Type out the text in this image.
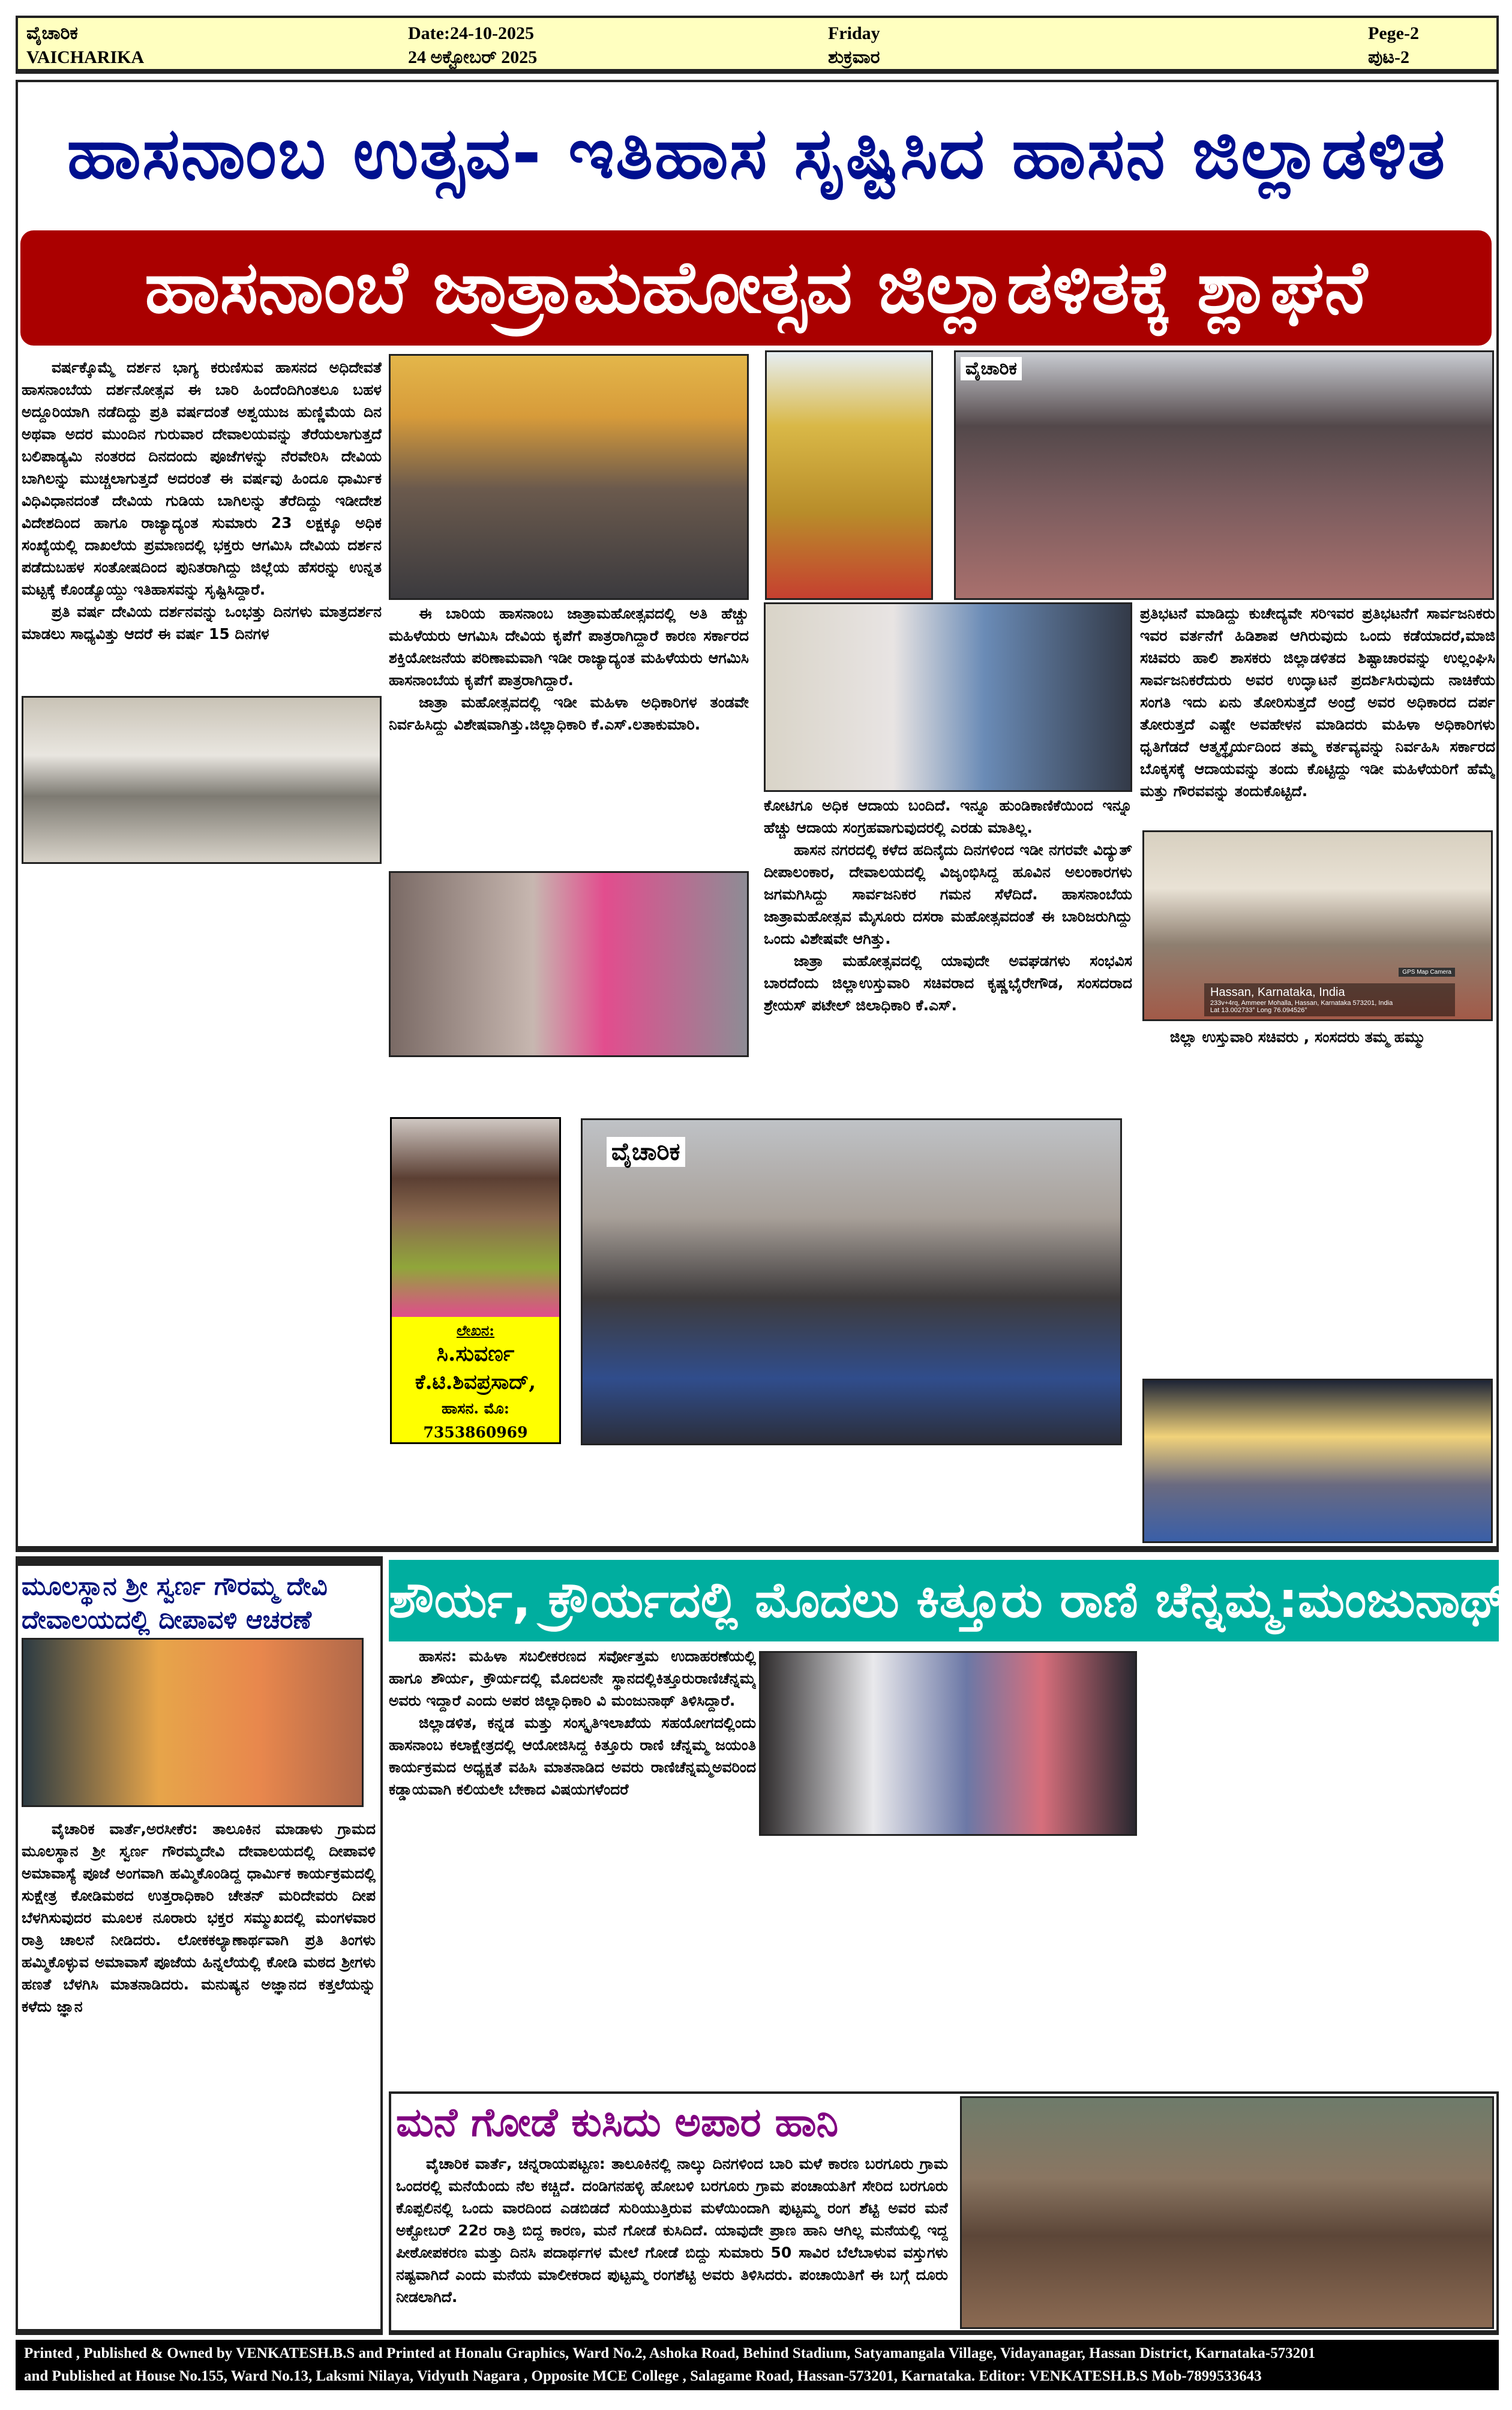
ವೈಚಾರಿಕ
VAICHARIKA
Date:24-10-2025
24 ಅಕ್ಟೋಬರ್ 2025
Friday
ಶುಕ್ರವಾರ
Pege-2
ಪುಟ-2
ಹಾಸನಾಂಬ ಉತ್ಸವ- ಇತಿಹಾಸ ಸೃಷ್ಟಿಸಿದ ಹಾಸನ ಜಿಲ್ಲಾಡಳಿತ
ಹಾಸನಾಂಬೆ ಜಾತ್ರಾಮಹೋತ್ಸವ ಜಿಲ್ಲಾಡಳಿತಕ್ಕೆ ಶ್ಲಾಘನೆ

ವರ್ಷಕ್ಕೊಮ್ಮೆ ದರ್ಶನ ಭಾಗ್ಯ ಕರುಣಿಸುವ ಹಾಸನದ ಅಧಿದೇವತೆ ಹಾಸನಾಂಬೆಯ ದರ್ಶನೋತ್ಸವ ಈ ಬಾರಿ ಹಿಂದೆಂದಿಗಿಂತಲೂ ಬಹಳ ಅದ್ದೂರಿಯಾಗಿ ನಡೆದಿದ್ದು ಪ್ರತಿ ವರ್ಷದಂತೆ ಅಶ್ವಯುಜ ಹುಣ್ಣಿಮೆಯ ದಿನ ಅಥವಾ ಅದರ ಮುಂದಿನ ಗುರುವಾರ ದೇವಾಲಯವನ್ನು ತೆರೆಯಲಾಗುತ್ತದೆ ಬಲಿಪಾಡ್ಯಮಿ ನಂತರದ ದಿನದಂದು ಪೂಜೆಗಳನ್ನು ನೆರವೇರಿಸಿ ದೇವಿಯ ಬಾಗಿಲನ್ನು ಮುಚ್ಚಲಾಗುತ್ತದೆ ಅದರಂತೆ ಈ ವರ್ಷವು ಹಿಂದೂ ಧಾರ್ಮಿಕ ವಿಧಿವಿಧಾನದಂತೆ ದೇವಿಯ ಗುಡಿಯ ಬಾಗಿಲನ್ನು ತೆರೆದಿದ್ದು ಇಡೀದೇಶ ವಿದೇಶದಿಂದ ಹಾಗೂ ರಾಜ್ಯಾದ್ಯಂತ ಸುಮಾರು 23 ಲಕ್ಷಕ್ಕೂ ಅಧಿಕ ಸಂಖ್ಯೆಯಲ್ಲಿ ದಾಖಲೆಯ ಪ್ರಮಾಣದಲ್ಲಿ ಭಕ್ತರು ಆಗಮಿಸಿ ದೇವಿಯ ದರ್ಶನ ಪಡೆದುಬಹಳ ಸಂತೋಷದಿಂದ ಪುನಿತರಾಗಿದ್ದು ಜಿಲ್ಲೆಯ ಹೆಸರನ್ನು ಉನ್ನತ ಮಟ್ಟಕ್ಕೆ ಕೊಂಡ್ಯೊಯ್ದು ಇತಿಹಾಸವನ್ನು ಸೃಷ್ಟಿಸಿದ್ದಾರೆ.

ಪ್ರತಿ ವರ್ಷ ದೇವಿಯ ದರ್ಶನವನ್ನು ಒಂಭತ್ತು ದಿನಗಳು ಮಾತ್ರದರ್ಶನ ಮಾಡಲು ಸಾಧ್ಯವಿತ್ತು ಆದರೆ ಈ ವರ್ಷ 15 ದಿನಗಳ

ವೈಚಾರಿಕ

ಈ ಬಾರಿಯ ಹಾಸನಾಂಬ ಜಾತ್ರಾಮಹೋತ್ಸವದಲ್ಲಿ ಅತಿ ಹೆಚ್ಚು ಮಹಿಳೆಯರು ಆಗಮಿಸಿ ದೇವಿಯ ಕೃಪೆಗೆ ಪಾತ್ರರಾಗಿದ್ದಾರೆ ಕಾರಣ ಸರ್ಕಾರದ ಶಕ್ತಿಯೋಜನೆಯ ಪರಿಣಾಮವಾಗಿ ಇಡೀ ರಾಜ್ಯಾದ್ಯಂತ ಮಹಿಳೆಯರು ಆಗಮಿಸಿ ಹಾಸನಾಂಬೆಯ ಕೃಪೆಗೆ ಪಾತ್ರರಾಗಿದ್ದಾರೆ.

ಜಾತ್ರಾ ಮಹೋತ್ಸವದಲ್ಲಿ ಇಡೀ ಮಹಿಳಾ ಅಧಿಕಾರಿಗಳ ತಂಡವೇ ನಿರ್ವಹಿಸಿದ್ದು ವಿಶೇಷವಾಗಿತ್ತು.ಜಿಲ್ಲಾಧಿಕಾರಿ ಕೆ.ಎಸ್.ಲತಾಕುಮಾರಿ.

ಲೇಖನ:
ಸಿ.ಸುವರ್ಣ
ಕೆ.ಟಿ.ಶಿವಪ್ರಸಾದ್,
ಹಾಸನ. ಮೊ: 7353860969
ವೈಚಾರಿಕ

ಕೋಟಿಗೂ ಅಧಿಕ ಆದಾಯ ಬಂದಿದೆ. ಇನ್ನೂ ಹುಂಡಿಕಾಣಿಕೆಯಿಂದ ಇನ್ನೂ ಹೆಚ್ಚು ಆದಾಯ ಸಂಗ್ರಹವಾಗುವುದರಲ್ಲಿ ಎರಡು ಮಾತಿಲ್ಲ.

ಹಾಸನ ನಗರದಲ್ಲಿ ಕಳೆದ ಹದಿನೈದು ದಿನಗಳಿಂದ ಇಡೀ ನಗರವೇ ವಿದ್ಯುತ್ ದೀಪಾಲಂಕಾರ, ದೇವಾಲಯದಲ್ಲಿ ವಿಜೃಂಭಿಸಿದ್ದ ಹೂವಿನ ಅಲಂಕಾರಗಳು ಜಗಮಗಿಸಿದ್ದು ಸಾರ್ವಜನಿಕರ ಗಮನ ಸೆಳೆದಿದೆ. ಹಾಸನಾಂಬೆಯ ಜಾತ್ರಾಮಹೋತ್ಸವ ಮೈಸೂರು ದಸರಾ ಮಹೋತ್ಸವದಂತೆ ಈ ಬಾರಿಜರುಗಿದ್ದು ಒಂದು ವಿಶೇಷವೇ ಆಗಿತ್ತು.

ಜಾತ್ರಾ ಮಹೋತ್ಸವದಲ್ಲಿ ಯಾವುದೇ ಅವಘಡಗಳು ಸಂಭವಿಸ ಬಾರದೆಂದು ಜಿಲ್ಲಾಉಸ್ತುವಾರಿ ಸಚಿವರಾದ ಕೃಷ್ಣಭೈರೇಗೌಡ, ಸಂಸದರಾದ ಶ್ರೇಯಸ್ ಪಟೇಲ್ ಜಿಲಾಧಿಕಾರಿ ಕೆ.ಎಸ್.

ಪ್ರತಿಭಟನೆ ಮಾಡಿದ್ದು ಕುಚೇದ್ಯವೇ ಸರಿಇವರ ಪ್ರತಿಭಟನೆಗೆ ಸಾರ್ವಜನಿಕರು ಇವರ ವರ್ತನೆಗೆ ಹಿಡಿಶಾಪ ಆಗಿರುವುದು ಒಂದು ಕಡೆಯಾದರೆ,ಮಾಜಿ ಸಚಿವರು ಹಾಲಿ ಶಾಸಕರು ಜಿಲ್ಲಾಡಳಿತದ ಶಿಷ್ಟಾಚಾರವನ್ನು ಉಲ್ಲಂಘಿಸಿ ಸಾರ್ವಜನಿಕರೆದುರು ಅವರ ಉದ್ಘಾಟನೆ ಪ್ರದರ್ಶಿಸಿರುವುದು ನಾಚಿಕೆಯ ಸಂಗತಿ ಇದು ಏನು ತೋರಿಸುತ್ತದೆ ಅಂದ್ರೆ ಅವರ ಅಧಿಕಾರದ ದರ್ಪ ತೋರುತ್ತದೆ ಎಷ್ಟೇ ಅವಹೇಳನ ಮಾಡಿದರು ಮಹಿಳಾ ಅಧಿಕಾರಿಗಳು ಧೃತಿಗೆಡದೆ ಆತ್ಮಸ್ಥೈರ್ಯದಿಂದ ತಮ್ಮ ಕರ್ತವ್ಯವನ್ನು ನಿರ್ವಹಿಸಿ ಸರ್ಕಾರದ ಬೊಕ್ಕಸಕ್ಕೆ ಆದಾಯವನ್ನು ತಂದು ಕೊಟ್ಟಿದ್ದು ಇಡೀ ಮಹಿಳೆಯರಿಗೆ ಹೆಮ್ಮೆ ಮತ್ತು ಗೌರವವನ್ನು ತಂದುಕೊಟ್ಟಿದೆ.

Hassan, Karnataka, India
233v+4rq, Ammeer Mohalla, Hassan, Karnataka 573201, India
Lat 13.002733° Long 76.094526°
GPS Map Camera

ಜಿಲ್ಲಾ ಉಸ್ತುವಾರಿ ಸಚಿವರು , ಸಂಸದರು ತಮ್ಮ ಹಮ್ಮು

ಮೂಲಸ್ಥಾನ ಶ್ರೀ ಸ್ವರ್ಣ ಗೌರಮ್ಮ ದೇವಿ
ದೇವಾಲಯದಲ್ಲಿ ದೀಪಾವಳಿ ಆಚರಣೆ

ವೈಚಾರಿಕ ವಾರ್ತೆ,ಅರಸೀಕೆರ: ತಾಲೂಕಿನ ಮಾಡಾಳು ಗ್ರಾಮದ ಮೂಲಸ್ಥಾನ ಶ್ರೀ ಸ್ವರ್ಣ ಗೌರಮ್ಮದೇವಿ ದೇವಾಲಯದಲ್ಲಿ ದೀಪಾವಳಿ ಅಮಾವಾಸ್ಯೆ ಪೂಜೆ ಅಂಗವಾಗಿ ಹಮ್ಮಿಕೊಂಡಿದ್ದ ಧಾರ್ಮಿಕ ಕಾರ್ಯಕ್ರಮದಲ್ಲಿ ಸುಕ್ಷೇತ್ರ ಕೋಡಿಮಠದ ಉತ್ತರಾಧಿಕಾರಿ ಚೇತನ್ ಮರಿದೇವರು ದೀಪ ಬೆಳಗಿಸುವುದರ ಮೂಲಕ ನೂರಾರು ಭಕ್ತರ ಸಮ್ಮುಖದಲ್ಲಿ ಮಂಗಳವಾರ ರಾತ್ರಿ ಚಾಲನೆ ನೀಡಿದರು. ಲೋಕಕಲ್ಯಾಣಾರ್ಥವಾಗಿ ಪ್ರತಿ ತಿಂಗಳು ಹಮ್ಮಿಕೊಳ್ಳುವ ಅಮಾವಾಸೆ ಪೂಜೆಯ ಹಿನ್ನಲೆಯಲ್ಲಿ ಕೋಡಿ ಮಠದ ಶ್ರೀಗಳು ಹಣತೆ ಬೆಳಗಿಸಿ ಮಾತನಾಡಿದರು. ಮನುಷ್ಯನ ಅಜ್ಞಾನದ ಕತ್ತಲೆಯನ್ನು ಕಳೆದು ಜ್ಞಾನ

ಶೌರ್ಯ, ಕ್ರೌರ್ಯದಲ್ಲಿ ಮೊದಲು ಕಿತ್ತೂರು ರಾಣಿ ಚೆನ್ನಮ್ಮ:ಮಂಜುನಾಥ್

ಹಾಸನ: ಮಹಿಳಾ ಸಬಲೀಕರಣದ ಸರ್ವೋತ್ತಮ ಉದಾಹರಣೆಯಲ್ಲಿ ಹಾಗೂ ಶೌರ್ಯ, ಕ್ರೌರ್ಯದಲ್ಲಿ ಮೊದಲನೇ ಸ್ಥಾನದಲ್ಲಿಕಿತ್ತೂರುರಾಣಿಚೆನ್ನಮ್ಮ ಅವರು ಇದ್ದಾರೆ ಎಂದು ಅಪರ ಜಿಲ್ಲಾಧಿಕಾರಿ ವಿ ಮಂಜುನಾಥ್ ತಿಳಿಸಿದ್ದಾರೆ.

ಜಿಲ್ಲಾಡಳಿತ, ಕನ್ನಡ ಮತ್ತು ಸಂಸ್ಕೃತಿಇಲಾಖೆಯ ಸಹಯೋಗದಲ್ಲಿಂದು ಹಾಸನಾಂಬ ಕಲಾಕ್ಷೇತ್ರದಲ್ಲಿ ಆಯೋಜಿಸಿದ್ದ ಕಿತ್ತೂರು ರಾಣಿ ಚೆನ್ನಮ್ಮ ಜಯಂತಿ ಕಾರ್ಯಕ್ರಮದ ಅಧ್ಯಕ್ಷತೆ ವಹಿಸಿ ಮಾತನಾಡಿದ ಅವರು ರಾಣಿಚೆನ್ನಮ್ಮಅವರಿಂದ ಕಡ್ಡಾಯವಾಗಿ ಕಲಿಯಲೇ ಬೇಕಾದ ವಿಷಯಗಳೆಂದರೆ

ಮನೆ ಗೋಡೆ ಕುಸಿದು ಅಪಾರ ಹಾನಿ

ವೈಚಾರಿಕ ವಾರ್ತೆ, ಚನ್ನರಾಯಪಟ್ಟಣ: ತಾಲೂಕಿನಲ್ಲಿ ನಾಲ್ಕು ದಿನಗಳಿಂದ ಬಾರಿ ಮಳೆ ಕಾರಣ ಬರಗೂರು ಗ್ರಾಮ ಒಂದರಲ್ಲಿ ಮನೆಯೆಂದು ನೆಲ ಕಚ್ಚಿದೆ. ದಂಡಿಗನಹಳ್ಳಿ ಹೋಬಳಿ ಬರಗೂರು ಗ್ರಾಮ ಪಂಚಾಯತಿಗೆ ಸೇರಿದ ಬರಗೂರು ಕೊಪ್ಪಲಿನಲ್ಲಿ ಒಂದು ವಾರದಿಂದ ಎಡಬಿಡದೆ ಸುರಿಯುತ್ತಿರುವ ಮಳೆಯಿಂದಾಗಿ ಪುಟ್ಟಮ್ಮ ರಂಗ ಶೆಟ್ಟಿ ಅವರ ಮನೆ ಅಕ್ಟೋಬರ್ 22ರ ರಾತ್ರಿ ಬಿದ್ದ ಕಾರಣ, ಮನೆ ಗೋಡೆ ಕುಸಿದಿದೆ. ಯಾವುದೇ ಪ್ರಾಣ ಹಾನಿ ಆಗಿಲ್ಲ ಮನೆಯಲ್ಲಿ ಇದ್ದ ಪೀಠೋಪಕರಣ ಮತ್ತು ದಿನಸಿ ಪದಾರ್ಥಗಳ ಮೇಲೆ ಗೋಡೆ ಬಿದ್ದು ಸುಮಾರು 50 ಸಾವಿರ ಬೆಲೆಬಾಳುವ ವಸ್ತುಗಳು ನಷ್ಟವಾಗಿದೆ ಎಂದು ಮನೆಯ ಮಾಲೀಕರಾದ ಪುಟ್ಟಮ್ಮ ರಂಗಶೆಟ್ಟಿ ಅವರು ತಿಳಿಸಿದರು. ಪಂಚಾಯಿತಿಗೆ ಈ ಬಗ್ಗೆ ದೂರು ನೀಡಲಾಗಿದೆ.

Printed , Published & Owned by VENKATESH.B.S and Printed at Honalu Graphics, Ward No.2, Ashoka Road, Behind Stadium, Satyamangala Village, Vidayanagar, Hassan District, Karnataka-573201
and Published at House No.155, Ward No.13, Laksmi Nilaya, Vidyuth Nagara , Opposite MCE College , Salagame Road, Hassan-573201, Karnataka. Editor: VENKATESH.B.S Mob-7899533643
